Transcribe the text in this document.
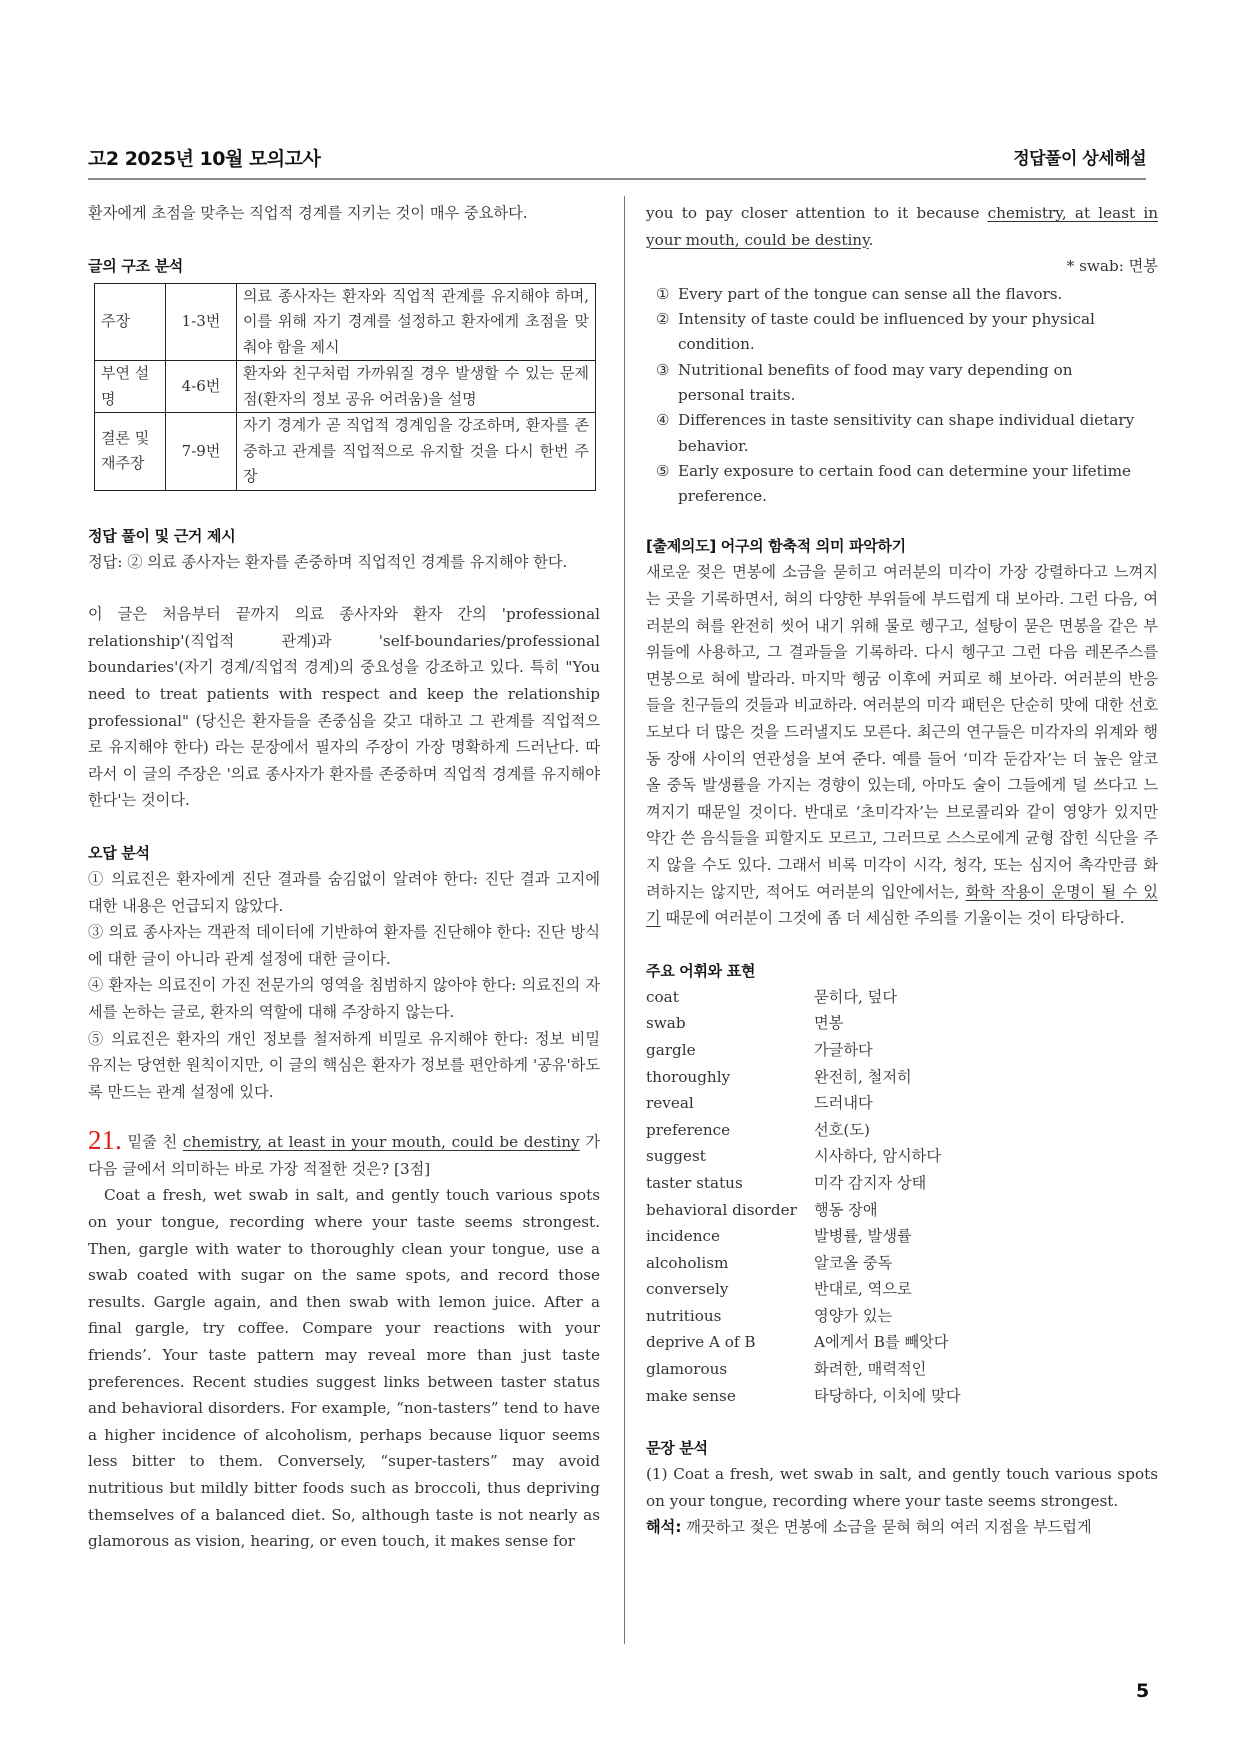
고2 2025년 10월 모의고사	정답풀이 상세해설

환자에게 초점을 맞추는 직업적 경계를 지키는 것이 매우 중요하다.

글의 구조 분석
주장	1-3번	의료 종사자는 환자와 직업적 관계를 유지해야 하며, 이를 위해 자기 경계를 설정하고 환자에게 초점을 맞춰야 함을 제시
부연 설명	4-6번	환자와 친구처럼 가까워질 경우 발생할 수 있는 문제점(환자의 정보 공유 어려움)을 설명
결론 및 재주장	7-9번	자기 경계가 곧 직업적 경계임을 강조하며, 환자를 존중하고 관계를 직업적으로 유지할 것을 다시 한번 주장
정답 풀이 및 근거 제시

정답: ② 의료 종사자는 환자를 존중하며 직업적인 경계를 유지해야 한다.

이 글은 처음부터 끝까지 의료 종사자와 환자 간의 'professional relationship'(직업적 관계)과 'self-boundaries/professional boundaries'(자기 경계/직업적 경계)의 중요성을 강조하고 있다. 특히 "You need to treat patients with respect and keep the relationship professional" (당신은 환자들을 존중심을 갖고 대하고 그 관계를 직업적으로 유지해야 한다) 라는 문장에서 필자의 주장이 가장 명확하게 드러난다. 따라서 이 글의 주장은 '의료 종사자가 환자를 존중하며 직업적 경계를 유지해야 한다'는 것이다.

오답 분석

① 의료진은 환자에게 진단 결과를 숨김없이 알려야 한다: 진단 결과 고지에 대한 내용은 언급되지 않았다.

③ 의료 종사자는 객관적 데이터에 기반하여 환자를 진단해야 한다: 진단 방식에 대한 글이 아니라 관계 설정에 대한 글이다.

④ 환자는 의료진이 가진 전문가의 영역을 침범하지 않아야 한다: 의료진의 자세를 논하는 글로, 환자의 역할에 대해 주장하지 않는다.

⑤ 의료진은 환자의 개인 정보를 철저하게 비밀로 유지해야 한다: 정보 비밀 유지는 당연한 원칙이지만, 이 글의 핵심은 환자가 정보를 편안하게 '공유'하도록 만드는 관계 설정에 있다.

21. 밑줄 친 chemistry, at least in your mouth, could be destiny 가 다음 글에서 의미하는 바로 가장 적절한 것은? [3점]

Coat a fresh, wet swab in salt, and gently touch various spots on your tongue, recording where your taste seems strongest. Then, gargle with water to thoroughly clean your tongue, use a swab coated with sugar on the same spots, and record those results. Gargle again, and then swab with lemon juice. After a final gargle, try coffee. Compare your reactions with your friends’. Your taste pattern may reveal more than just taste preferences. Recent studies suggest links between taster status and behavioral disorders. For example, “non-tasters” tend to have a higher incidence of alcoholism, perhaps because liquor seems less bitter to them. Conversely, “super-tasters” may avoid nutritious but mildly bitter foods such as broccoli, thus depriving themselves of a balanced diet. So, although taste is not nearly as glamorous as vision, hearing, or even touch, it makes sense for

you to pay closer attention to it because chemistry, at least in your mouth, could be destiny.

* swab: 면봉

① Every part of the tongue can sense all the flavors.
② Intensity of taste could be influenced by your physical condition.
③ Nutritional benefits of food may vary depending on personal traits.
④ Differences in taste sensitivity can shape individual dietary behavior.
⑤ Early exposure to certain food can determine your lifetime preference.
[출제의도] 어구의 함축적 의미 파악하기

새로운 젖은 면봉에 소금을 묻히고 여러분의 미각이 가장 강렬하다고 느껴지는 곳을 기록하면서, 혀의 다양한 부위들에 부드럽게 대 보아라. 그런 다음, 여러분의 혀를 완전히 씻어 내기 위해 물로 헹구고, 설탕이 묻은 면봉을 같은 부위들에 사용하고, 그 결과들을 기록하라. 다시 헹구고 그런 다음 레몬주스를 면봉으로 혀에 발라라. 마지막 헹굼 이후에 커피로 해 보아라. 여러분의 반응들을 친구들의 것들과 비교하라. 여러분의 미각 패턴은 단순히 맛에 대한 선호도보다 더 많은 것을 드러낼지도 모른다. 최근의 연구들은 미각자의 위계와 행동 장애 사이의 연관성을 보여 준다. 예를 들어 ‘미각 둔감자’는 더 높은 알코올 중독 발생률을 가지는 경향이 있는데, 아마도 술이 그들에게 덜 쓰다고 느껴지기 때문일 것이다. 반대로 ‘초미각자’는 브로콜리와 같이 영양가 있지만 약간 쓴 음식들을 피할지도 모르고, 그러므로 스스로에게 균형 잡힌 식단을 주지 않을 수도 있다. 그래서 비록 미각이 시각, 청각, 또는 심지어 촉각만큼 화려하지는 않지만, 적어도 여러분의 입안에서는, 화학 작용이 운명이 될 수 있기 때문에 여러분이 그것에 좀 더 세심한 주의를 기울이는 것이 타당하다.

주요 어휘와 표현
coat	묻히다, 덮다
swab	면봉
gargle	가글하다
thoroughly	완전히, 철저히
reveal	드러내다
preference	선호(도)
suggest	시사하다, 암시하다
taster status	미각 감지자 상태
behavioral disorder	행동 장애
incidence	발병률, 발생률
alcoholism	알코올 중독
conversely	반대로, 역으로
nutritious	영양가 있는
deprive A of B	A에게서 B를 빼앗다
glamorous	화려한, 매력적인
make sense	타당하다, 이치에 맞다
문장 분석

(1) Coat a fresh, wet swab in salt, and gently touch various spots on your tongue, recording where your taste seems strongest.

해석: 깨끗하고 젖은 면봉에 소금을 묻혀 혀의 여러 지점을 부드럽게

5
